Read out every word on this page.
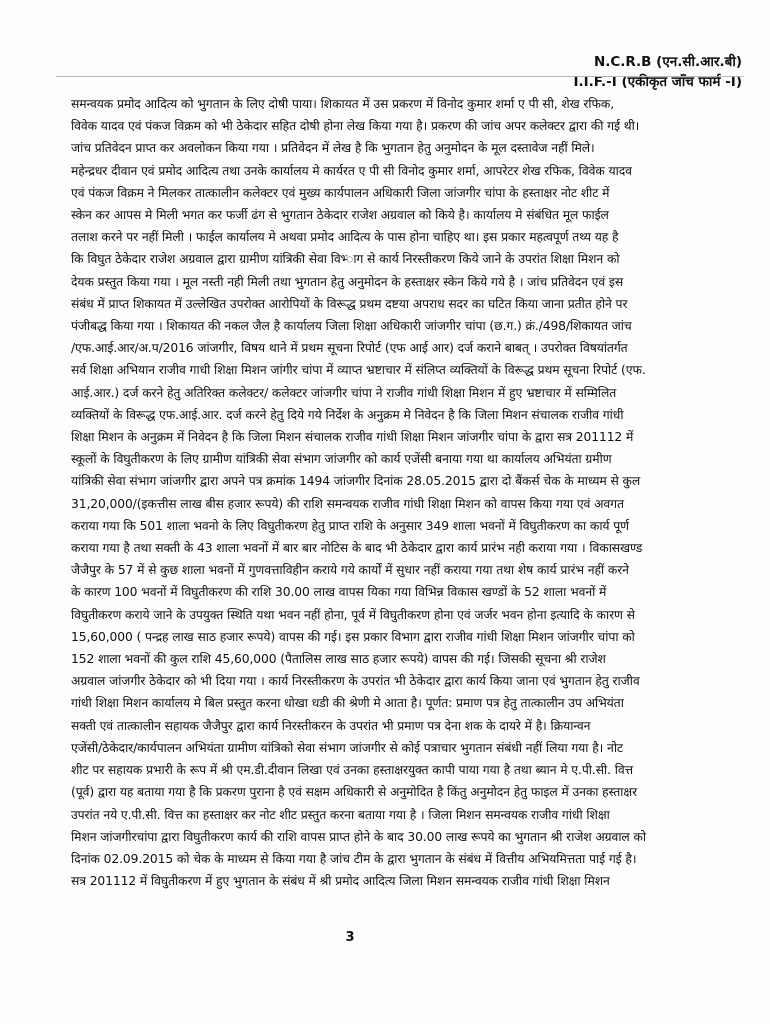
N.C.R.B (एन.सी.आर.बी)
I.I.F.-I (एकीकृत जाँच फार्म -I)
समन्वयक प्रमोद आदित्य को भुगतान के लिए दोषी पाया। शिकायत में उस प्रकरण में विनोद कुमार शर्मा ए पी सी, शेख रफिक,
विवेक यादव एवं पंकज विक्रम को भी ठेकेदार सहित दोषी होना लेख किया गया है। प्रकरण की जांच अपर कलेक्टर द्वारा की गई थी।
जांच प्रतिवेदन प्राप्त कर अवलोकन किया गया । प्रतिवेदन में लेख है कि भुगतान हेतु अनुमोदन के मूल दस्तावेज नहीं मिले।
महेन्द्रधर दीवान एवं प्रमोद आदित्य तथा उनके कार्यालय मे कार्यरत ए पी सी विनोद कुमार शर्मा, आपरेटर शेख रफिक, विवेक यादव
एवं पंकज विक्रम ने मिलकर तात्कालीन कलेक्टर एवं मुख्य कार्यपालन अधिकारी जिला जांजगीर चांपा के हस्ताक्षर नोट शीट में
स्केन कर आपस मे मिली भगत कर फर्जी ढंग से भुगतान ठेकेदार राजेश अग्रवाल को किये है। कार्यालय मे संबंधित मूल फाईल
तलाश करने पर नहीं मिली । फाईल कार्यालय मे अथवा प्रमोद आदित्य के पास होना चाहिए था। इस प्रकार महत्वपूर्ण तथ्य यह है
कि विघुत ठेकेदार राजेश अग्रवाल द्वारा ग्रामीण यांत्रिकी सेवा विभ्‍ाग से कार्य निरस्तीकरण किये जाने के उपरांत शिक्षा मिशन को
देयक प्रस्तुत किया गया । मूल नस्ती नही मिली तथा भुगतान हेतु अनुमोदन के हस्ताक्षर स्केन किये गये है । जांच प्रतिवेदन एवं इस
संबंध में प्राप्त शिकायत में उल्लेखित उपरोक्त आरोपियों के विरूद्ध प्रथम दष्टया अपराध सदर का घटित किया जाना प्रतीत होने पर
पंजीबद्ध किया गया । शिकायत की नकल जैल है कार्यालय जिला शिक्षा अधिकारी जांजगीर चांपा (छ.ग.) क्रं./498/शिकायत जांच
/एफ.आई.आर/अ.प/2016 जांजगीर, विषय थाने में प्रथम सूचना रिपोर्ट (एफ आई आर) दर्ज कराने बाबत् । उपरोक्त विषयांतर्गत
सर्व शिक्षा अभियान राजीव गाधी शिक्षा मिशन जांगीर चांपा में व्याप्त भ्रष्टाचार में संलिप्त व्यक्तियों के विरूद्ध प्रथम सूचना रिपोर्ट (एफ.
आई.आर.) दर्ज करने हेतु अतिरिक्त कलेक्टर/ कलेक्टर जांजगीर चांपा ने राजीव गांधी शिक्षा मिशन में हुए भ्रष्टाचार में सम्मिलित
व्यक्तियों के विरूद्ध एफ.आई.आर. दर्ज करने हेतु दिये गये निर्देश के अनुक्रम मे निवेदन है कि जिला मिशन संचालक राजीव गांधी
शिक्षा मिशन के अनुक्रम में निवेदन है कि जिला मिशन संचालक राजीव गांधी शिक्षा मिशन जांजगीर चांपा के द्वारा सत्र 201112 में
स्कूलों के विघुतीकरण के लिए ग्रामीण यांत्रिकी सेवा संभाग जांजगीर को कार्य एजेंसी बनाया गया था कार्यालय अभियंता ग्रमीण
यांत्रिकी सेवा संभाग जांजगीर द्वारा अपने पत्र क्रमांक 1494 जांजगीर दिनांक 28.05.2015 द्वारा दो बैंकर्स चेक के माध्यम से कुल
31,20,000/(इकत्तीस लाख बीस हजार रूपये) की राशि समन्वयक राजीव गांधी शिक्षा मिशन को वापस किया गया एवं अवगत
कराया गया कि 501 शाला भवनो के लिए विघुतीकरण हेतु प्राप्त राशि के अनुसार 349 शाला भवनों में विघुतीकरण का कार्य पूर्ण
कराया गया है तथा सक्ती के 43 शाला भवनों में बार बार नोटिस के बाद भी ठेकेदार द्वारा कार्य प्रारंभ नही कराया गया । विकासखण्ड
जैजैपुर के 57 में से कुछ शाला भवनों में गुणवत्ताविहीन कराये गये कार्यों में सुधार नहीं कराया गया तथा शेष कार्य प्रारंभ नहीं करने
के कारण 100 भवनों में विघुतीकरण की राशि 30.00 लाख वापस यिका गया विभिन्न विकास खण्डों के 52 शाला भवनों में
विघुतीकरण कराये जाने के उपयुक्त स्थिति यथा भवन नहीं होना, पूर्व में विघुतीकरण होना एवं जर्जर भवन होना इत्यादि के कारण से
15,60,000 ( पन्द्रह लाख साठ हजार रूपये) वापस की गई। इस प्रकार विभाग द्वारा राजीव गांधी शिक्षा मिशन जांजगीर चांपा को
152 शाला भवनों की कुल राशि 45,60,000 (पैतालिस लाख साठ हजार रूपये) वापस की गई। जिसकी सूचना श्री राजेश
अग्रवाल जांजगीर ठेकेदार को भी दिया गया । कार्य निरस्तीकरण के उपरांत भी ठेकेदार द्वारा कार्य किया जाना एवं भुगतान हेतु राजीव
गांधी शिक्षा मिशन कार्यालय मे बिल प्रस्तुत करना धोखा धडी की श्रेणी मे आता है। पूर्णत: प्रमाण पत्र हेतु तात्कालीन उप अभियंता
सक्ती एवं तात्कालीन सहायक जैजैपुर द्वारा कार्य निरस्तीकरन के उपरांत भी प्रमाण पत्र देना शक के दायरे में है। क्रियान्वन
एजेंसी/ठेकेदार/कार्यपालन अभियंता ग्रामीण यांत्रिको सेवा संभाग जांजगीर से कोई पत्राचार भुगतान संबंधी नहीं लिया गया है। नोट
शीट पर सहायक प्रभारी के रूप में श्री एम.डी.दीवान लिखा एवं उनका हस्ताक्षरयुक्त कापी पाया गया है तथा ब्यान मे ए.पी.सी. वित्त
(पूर्व) द्वारा यह बताया गया है कि प्रकरण पुराना है एवं सक्षम अधिकारी से अनुमोदित है किंतु अनुमोदन हेतु फाइल में उनका हस्ताक्षर
उपरांत नये ए.पी.सी. वित्त का हस्ताक्षर कर नोट शीट प्रस्तुत करना बताया गया है । जिला मिशन समन्वयक राजीव गांधी शिक्षा
मिशन जांजगीरचांपा द्वारा विघुतीकरण कार्य की राशि वापस प्राप्त होने के बाद 30.00 लाख रूपये का भुगतान श्री राजेश अग्रवाल को
दिनांक 02.09.2015 को चेक के माध्यम से किया गया है जांच टीम के द्वारा भुगतान के संबंध में वित्तीय अभियमित्तता पाई गई है।
सत्र 201112 में विघुतीकरण में हुए भुगतान के संबंध में श्री प्रमोद आदित्य जिला मिशन समन्वयक राजीव गांधी शिक्षा मिशन
3
